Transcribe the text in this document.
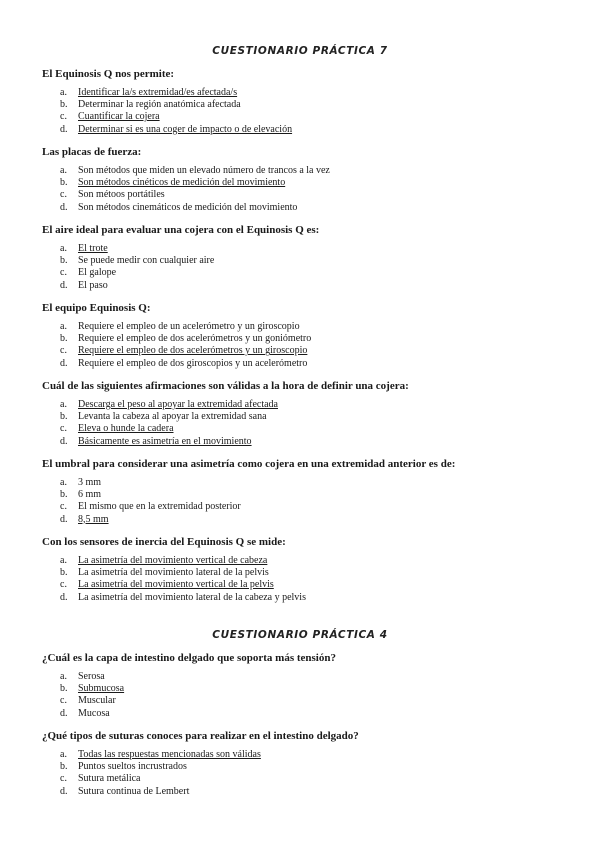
CUESTIONARIO PRÁCTICA 7
El Equinosis Q nos permite:
a. Identificar la/s extremidad/es afectada/s
b. Determinar la región anatómica afectada
c. Cuantificar la cojera
d. Determinar si es una coger de impacto o de elevación
Las placas de fuerza:
a. Son métodos que miden un elevado número de trancos a la vez
b. Son métodos cinéticos de medición del movimiento
c. Son métoos portátiles
d. Son métodos cinemáticos de medición del movimiento
El aire ideal para evaluar una cojera con el Equinosis Q es:
a. El trote
b. Se puede medir con cualquier aire
c. El galope
d. El paso
El equipo Equinosis Q:
a. Requiere el empleo de un acelerómetro y un giroscopio
b. Requiere el empleo de dos acelerómetros y un goniómetro
c. Requiere el empleo de dos acelerómetros y un giroscopio
d. Requiere el empleo de dos giroscopios y un acelerómetro
Cuál de las siguientes afirmaciones son válidas a la hora de definir una cojera:
a. Descarga el peso al apoyar la extremidad afectada
b. Levanta la cabeza al apoyar la extremidad sana
c. Eleva o hunde la cadera
d. Básicamente es asimetría en el movimiento
El umbral para considerar una asimetría como cojera en una extremidad anterior es de:
a. 3 mm
b. 6 mm
c. El mismo que en la extremidad posterior
d. 8,5 mm
Con los sensores de inercia del Equinosis Q se mide:
a. La asimetría del movimiento vertical de cabeza
b. La asimetría del movimiento lateral de la pelvis
c. La asimetría del movimiento vertical de la pelvis
d. La asimetría del movimiento lateral de la cabeza y pelvis
CUESTIONARIO PRÁCTICA 4
¿Cuál es la capa de intestino delgado que soporta más tensión?
a. Serosa
b. Submucosa
c. Muscular
d. Mucosa
¿Qué tipos de suturas conoces para realizar en el intestino delgado?
a. Todas las respuestas mencionadas son válidas
b. Puntos sueltos incrustrados
c. Sutura metálica
d. Sutura continua de Lembert
